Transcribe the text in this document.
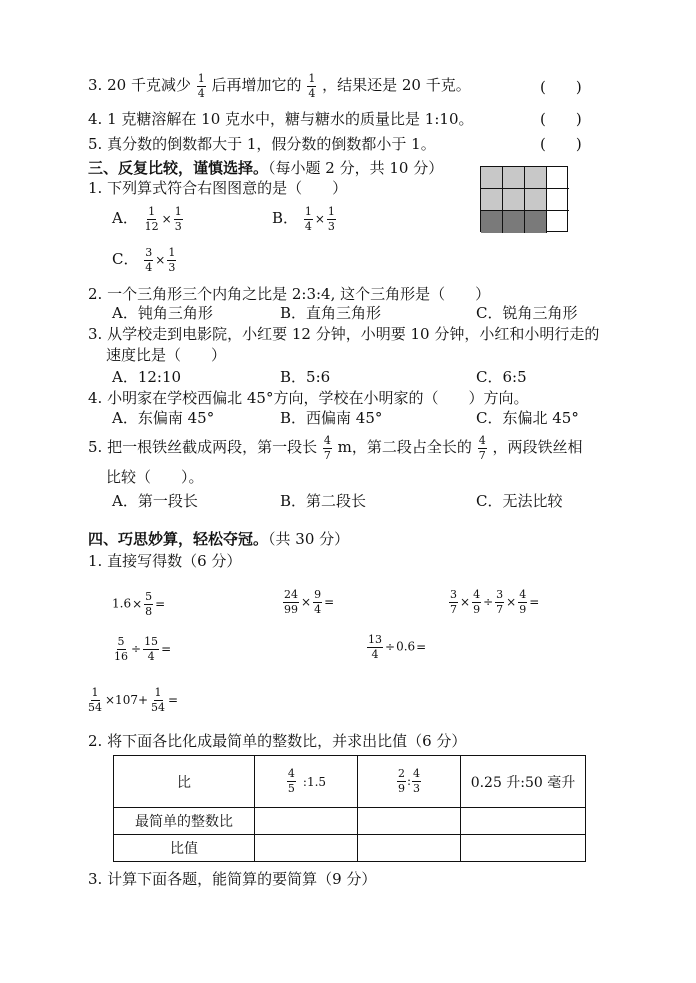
3. 20 千克减少 $\frac{1}{4}$ 后再增加它的 $\frac{1}{4}$ ，结果还是 20 千克。	(　　)
4. 1 克糖溶解在 10 克水中，糖与糖水的质量比是 1:10。	(　　)
5. 真分数的倒数都大于 1，假分数的倒数都小于 1。	(　　)
三、反复比较，谨慎选择。（每小题 2 分，共 10 分）
1. 下列算式符合右图图意的是（　　）
A． $\frac{1}{12} \times \frac{1}{3}$	B． $\frac{1}{4} \times \frac{1}{3}$
C． $\frac{3}{4} \times \frac{1}{3}$
2. 一个三角形三个内角之比是 2:3:4, 这个三角形是（　　）
A．钝角三角形	B．直角三角形	C．锐角三角形
3. 从学校走到电影院，小红要 12 分钟，小明要 10 分钟，小红和小明行走的
速度比是（　　）
A．12:10	B．5:6	C．6:5
4. 小明家在学校西偏北 45°方向，学校在小明家的（　　）方向。
A．东偏南 45°	B．西偏南 45°	C．东偏北 45°
5. 把一根铁丝截成两段，第一段长 $\frac{4}{7}$ m，第二段占全长的 $\frac{4}{7}$ ，两段铁丝相
比较（　　）。
A．第一段长	B．第二段长	C．无法比较
四、巧思妙算，轻松夺冠。（共 30 分）
1. 直接写得数（6 分）
$1.6\times \frac{5}{8}$ =	$\frac{24}{99} \times \frac{9}{4}$ =	$\frac{3}{7} \times \frac{4}{9} \div \frac{3}{7} \times \frac{4}{9}$ =
$\frac{5}{16} \div \frac{15}{4}$ =	$\frac{13}{4} \div 0.6=$
$\frac{1}{54} \times 107+ \frac{1}{54}$ =
2. 将下面各比化成最简单的整数比，并求出比值（6 分）
比	$\frac{4}{5}$ :1.5	$\frac{2}{9}$ : $\frac{4}{3}$	0.25 升:50 毫升
最简单的整数比			
比值			
3. 计算下面各题，能简算的要简算（9 分）
